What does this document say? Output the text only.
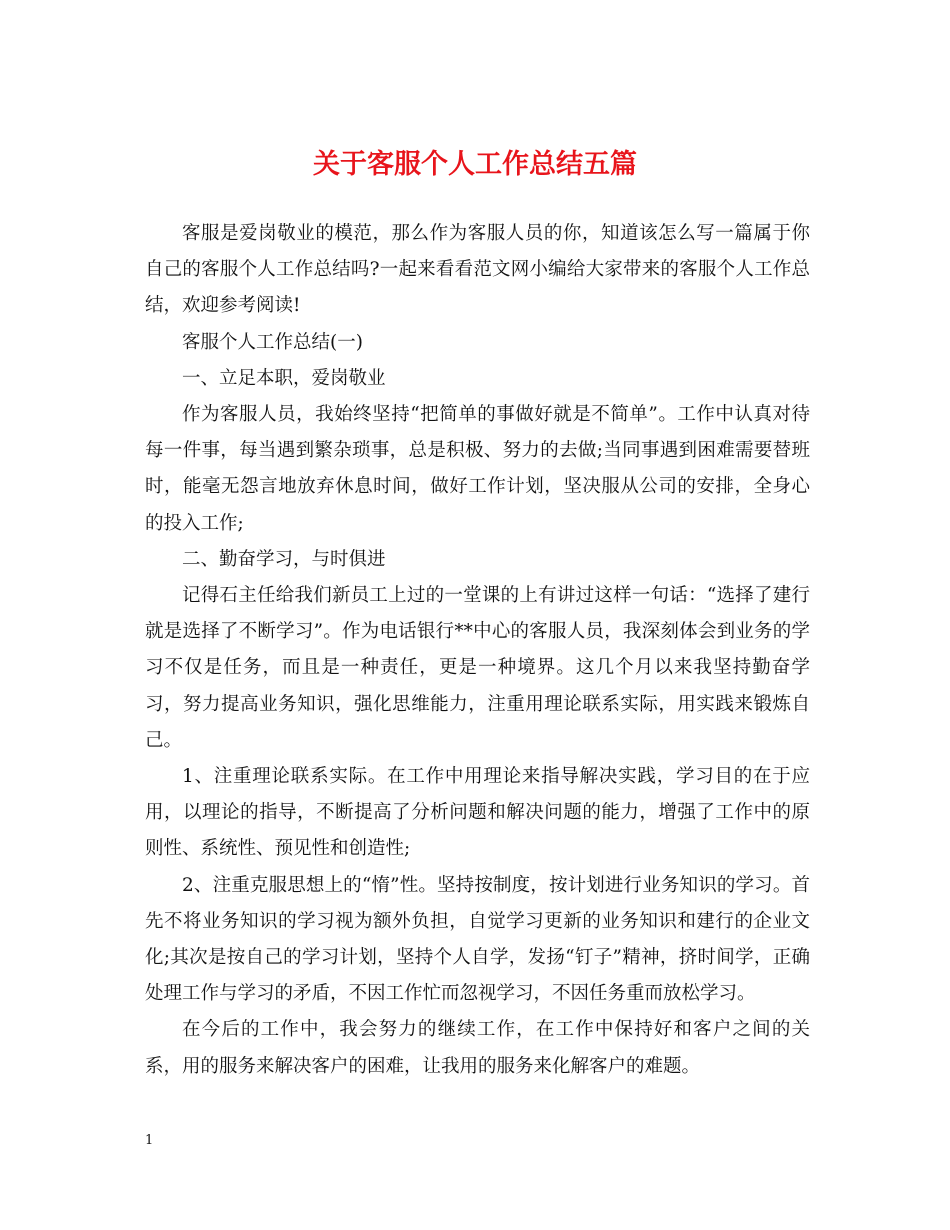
关于客服个人工作总结五篇

客服是爱岗敬业的模范，那么作为客服人员的你，知道该怎么写一篇属于你自己的客服个人工作总结吗?一起来看看范文网小编给大家带来的客服个人工作总结，欢迎参考阅读!

客服个人工作总结(一)

一、立足本职，爱岗敬业

作为客服人员，我始终坚持“把简单的事做好就是不简单”。工作中认真对待每一件事，每当遇到繁杂琐事，总是积极、努力的去做;当同事遇到困难需要替班时，能毫无怨言地放弃休息时间，做好工作计划，坚决服从公司的安排，全身心的投入工作;

二、勤奋学习，与时俱进

记得石主任给我们新员工上过的一堂课的上有讲过这样一句话：“选择了建行就是选择了不断学习”。作为电话银行**中心的客服人员，我深刻体会到业务的学习不仅是任务，而且是一种责任，更是一种境界。这几个月以来我坚持勤奋学习，努力提高业务知识，强化思维能力，注重用理论联系实际，用实践来锻炼自己。

1、注重理论联系实际。在工作中用理论来指导解决实践，学习目的在于应用，以理论的指导，不断提高了分析问题和解决问题的能力，增强了工作中的原则性、系统性、预见性和创造性;

2、注重克服思想上的“惰”性。坚持按制度，按计划进行业务知识的学习。首先不将业务知识的学习视为额外负担，自觉学习更新的业务知识和建行的企业文化;其次是按自己的学习计划，坚持个人自学，发扬“钉子”精神，挤时间学，正确处理工作与学习的矛盾，不因工作忙而忽视学习，不因任务重而放松学习。

在今后的工作中，我会努力的继续工作，在工作中保持好和客户之间的关系，用的服务来解决客户的困难，让我用的服务来化解客户的难题。

1
